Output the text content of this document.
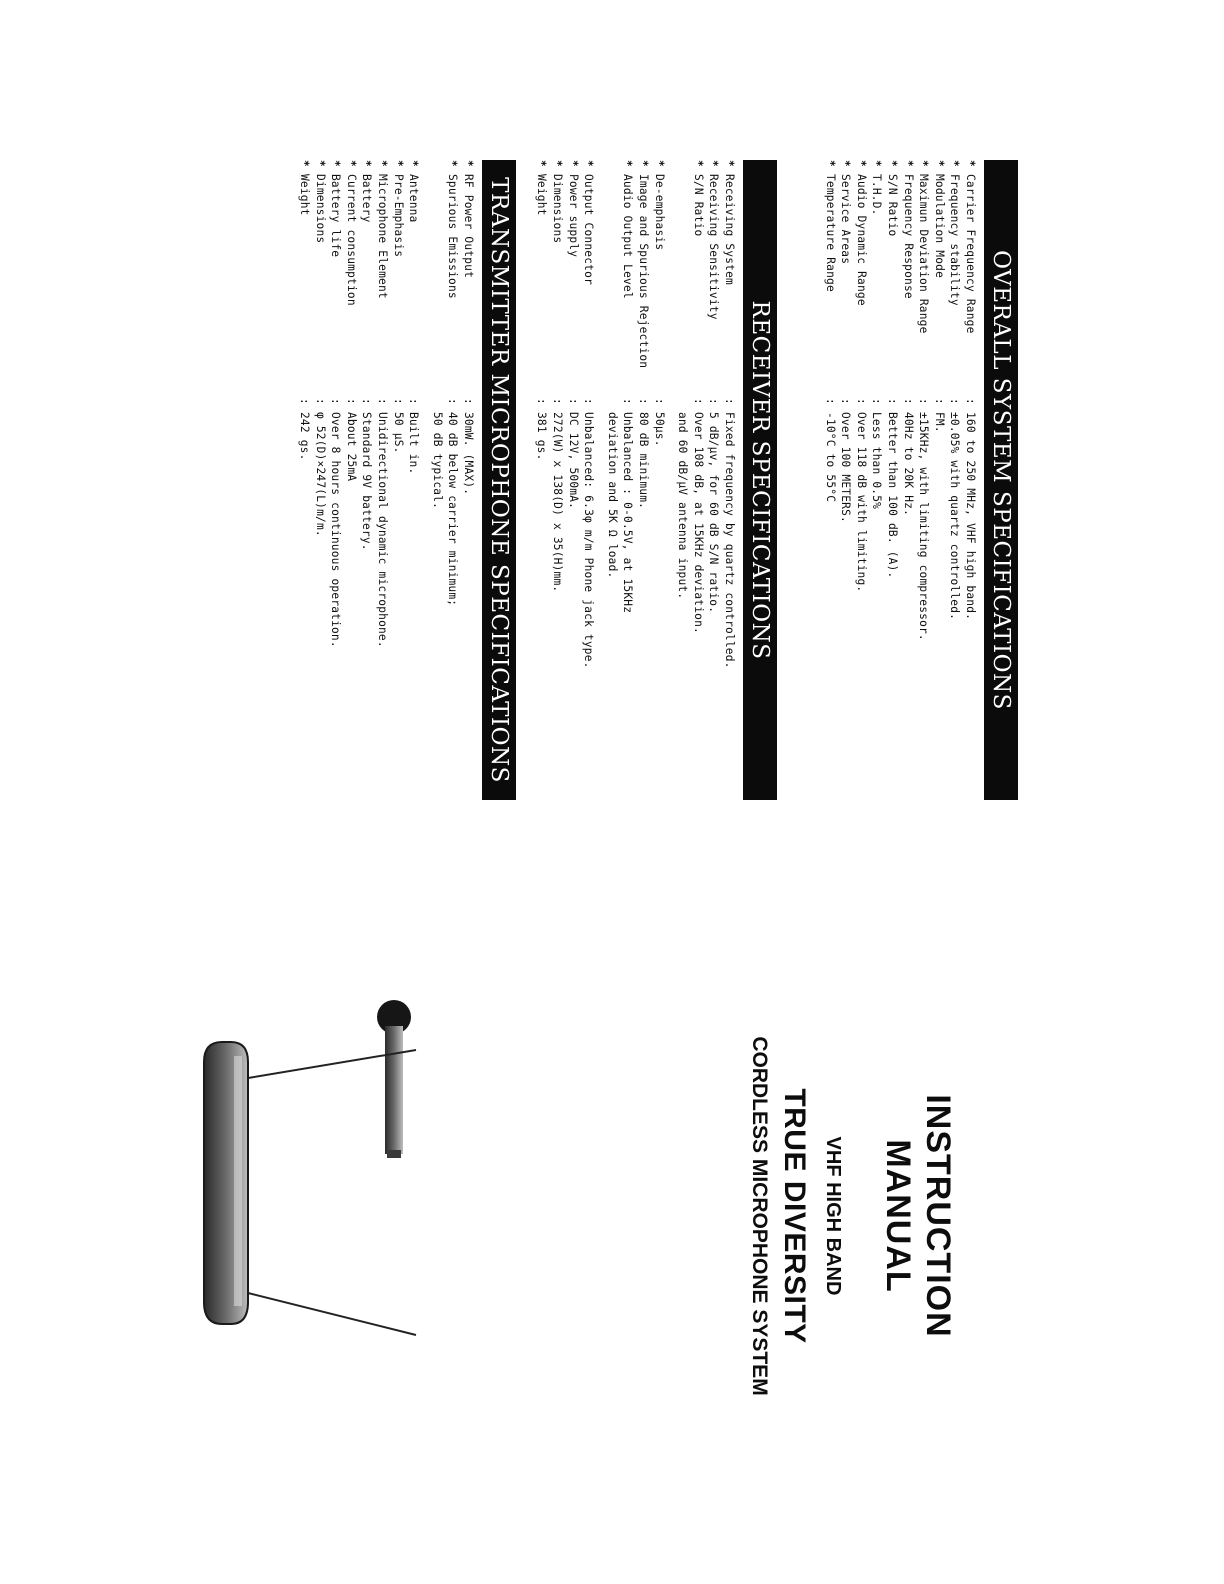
OVERALL SYSTEM SPECIFICATIONS
*
Carrier Frequency Range
:
160 to 250 MHz, VHF high band.
*
Frequency stability
:
±0.05% with quartz controlled.
*
Modulation Mode
:
FM.
*
Maximun Deviation Range
:
±15KHz, with limiting compressor.
*
Frequency Response
:
40Hz to 20K Hz.
*
S/N Ratio
:
Better than 100 dB. (A).
*
T.H.D.
:
Less than 0.5%
*
Audio Dynamic Range
:
Over 118 dB with limiting.
*
Service Areas
:
Over 100 METERS.
*
Temperature Range
:
-10°C to 55°C
RECEIVER SPECIFICATIONS
*
Receiving System
:
Fixed frequency by quartz controlled.
*
Receiving Sensitivity
:
5 dB/μv, for 60 dB S/N ratio.
*
S/N Ratio
:
Over 108 dB, at 15KHz deviation.
and 60 dB/μV antenna input.
*
De-emphasis
:
50μs.
*
Image and Spurious Rejection
:
80 dB minimum.
*
Audio Output Level
:
Unbalanced : 0-0.5V, at 15KHz
deviation and 5K Ω load.
*
Output Connector
:
Unbalanced: 6.3φ m/m Phone jack type.
*
Power supply
:
DC 12V, 500mA.
*
Dimensions
:
272(W) x 138(D) x 35(H)mm.
*
Weight
:
381 gs.
TRANSMITTER MICROPHONE SPECIFICATIONS
*
RF Power Output
:
30mW. (MAX).
*
Spurious Emissions
:
40 dB below carrier minimum;
50 dB typical.
*
Antenna
:
Built in.
*
Pre-Emphasis
:
50 μS.
*
Microphone Element
:
Unidirectional dynamic microphone.
*
Battery
:
Standard 9V battery.
*
Current consumption
:
About 25mA
*
Battery life
:
Over 8 hours continuous operation.
*
Dimensions
:
φ 52(D)×247(L)m/m.
*
Weight
:
242 gs.
INSTRUCTION
MANUAL
VHF HIGH BAND
TRUE DIVERSITY
CORDLESS MICROPHONE SYSTEM
